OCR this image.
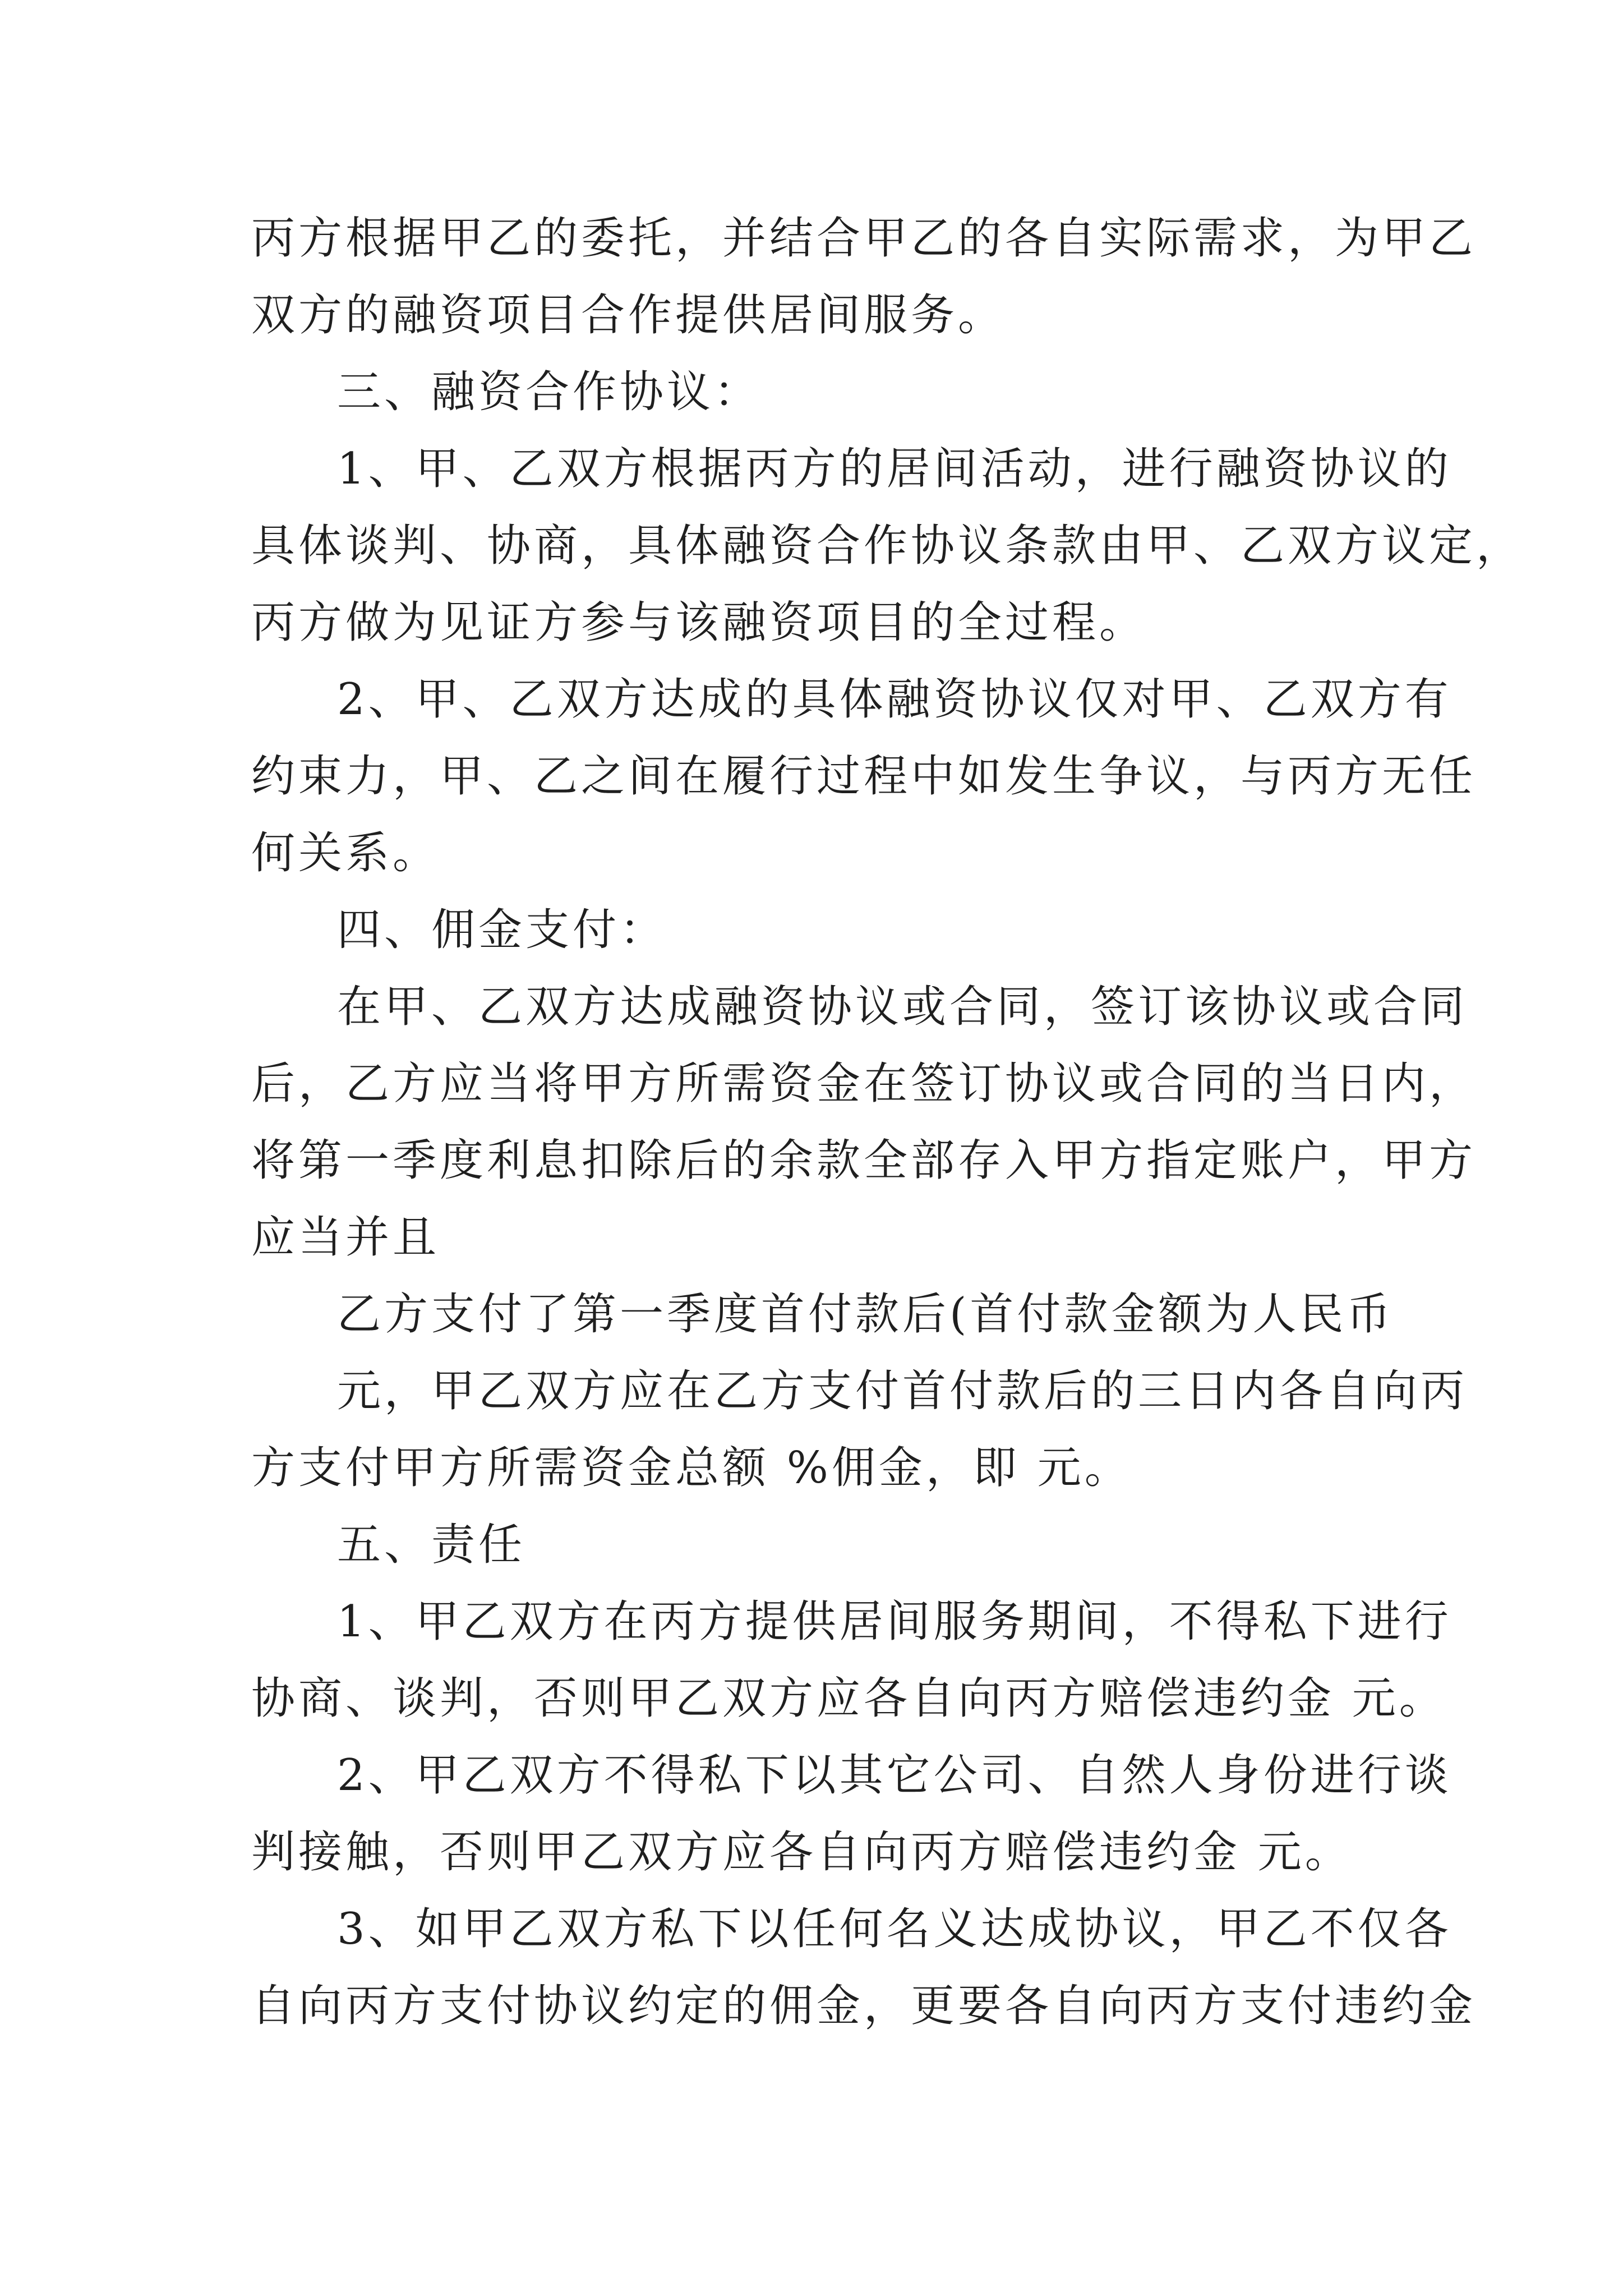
丙方根据甲乙的委托，并结合甲乙的各自实际需求，为甲乙
双方的融资项目合作提供居间服务。
三、融资合作协议：
1、甲、乙双方根据丙方的居间活动，进行融资协议的
具体谈判、协商，具体融资合作协议条款由甲、乙双方议定，
丙方做为见证方参与该融资项目的全过程。
2、甲、乙双方达成的具体融资协议仅对甲、乙双方有
约束力，甲、乙之间在履行过程中如发生争议，与丙方无任
何关系。
四、佣金支付：
在甲、乙双方达成融资协议或合同，签订该协议或合同
后，乙方应当将甲方所需资金在签订协议或合同的当日内，
将第一季度利息扣除后的余款全部存入甲方指定账户，甲方
应当并且
乙方支付了第一季度首付款后(首付款金额为人民币
元，甲乙双方应在乙方支付首付款后的三日内各自向丙
方支付甲方所需资金总额 %佣金，即 元。
五、责任
1、甲乙双方在丙方提供居间服务期间，不得私下进行
协商、谈判，否则甲乙双方应各自向丙方赔偿违约金 元。
2、甲乙双方不得私下以其它公司、自然人身份进行谈
判接触，否则甲乙双方应各自向丙方赔偿违约金 元。
3、如甲乙双方私下以任何名义达成协议，甲乙不仅各
自向丙方支付协议约定的佣金，更要各自向丙方支付违约金
